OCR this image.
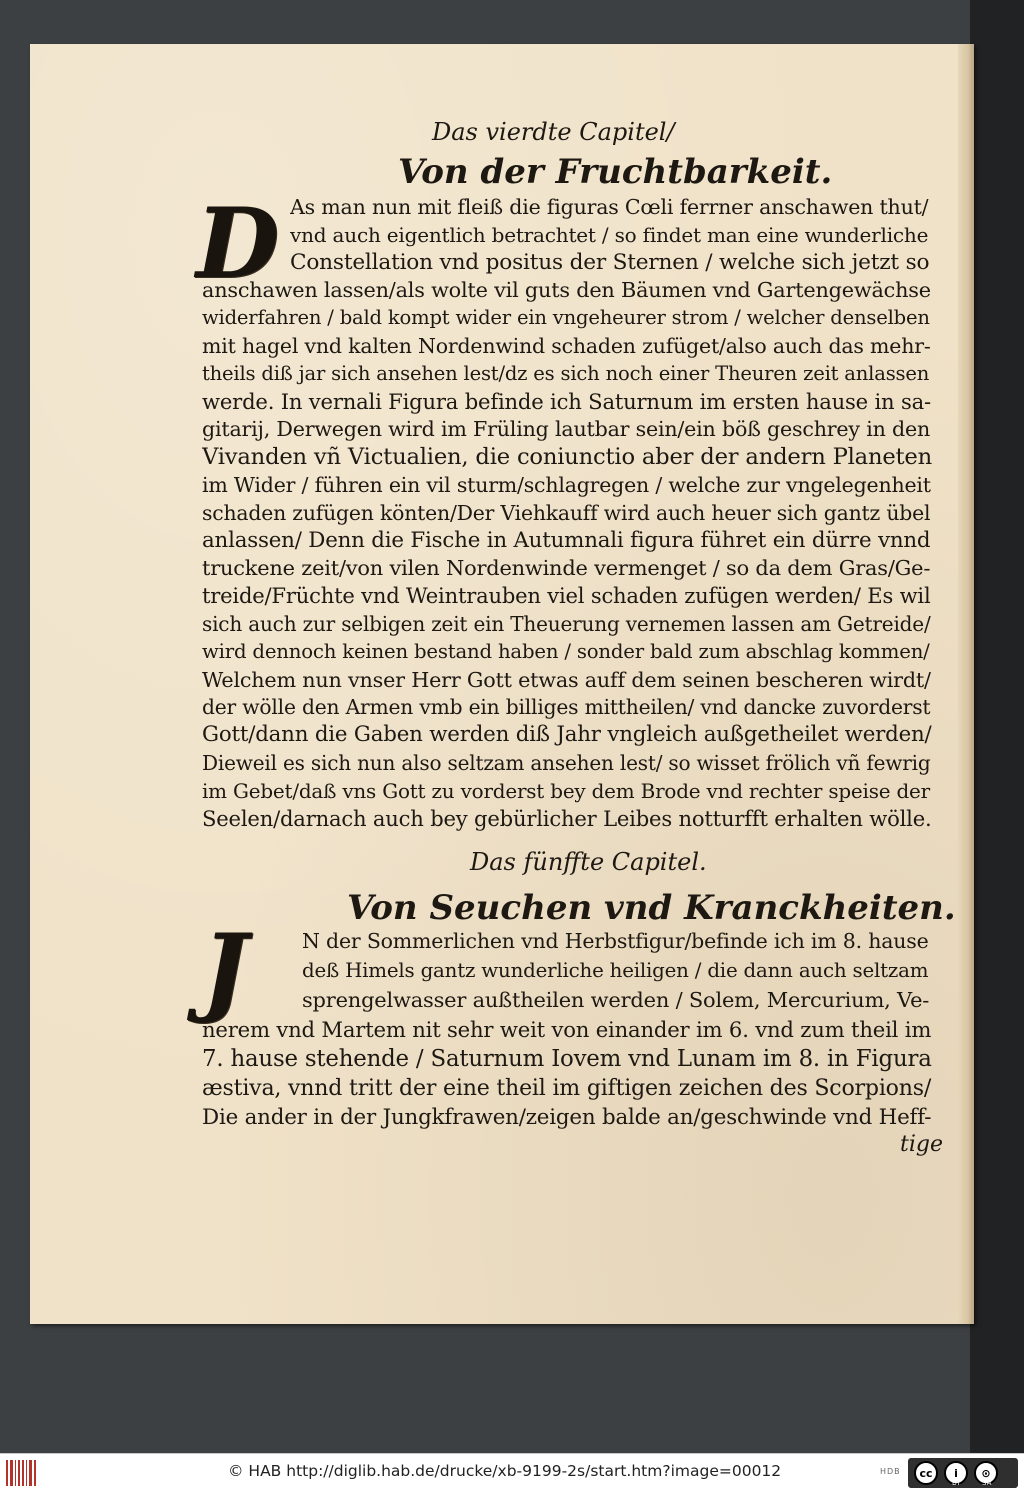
Das vierdte Capitel/
Von der Fruchtbarkeit.
D As man nun mit fleiß die figuras Cœli ferrner anschawen thut/
vnd auch eigentlich betrachtet / so findet man eine wunderliche
Constellation vnd positus der Sternen / welche sich jetzt so
anschawen lassen/als wolte vil guts den Bäumen vnd Gartengewächse
widerfahren / bald kompt wider ein vngeheurer strom / welcher denselben
mit hagel vnd kalten Nordenwind schaden zufüget/also auch das mehr-
theils diß jar sich ansehen lest/dz es sich noch einer Theuren zeit anlassen
werde. In vernali Figura befinde ich Saturnum im ersten hause in sa-
gitarij, Derwegen wird im Früling lautbar sein/ein böß geschrey in den
Vivanden vñ Victualien, die coniunctio aber der andern Planeten
im Wider / führen ein vil sturm/schlagregen / welche zur vngelegenheit
schaden zufügen könten/Der Viehkauff wird auch heuer sich gantz übel
anlassen/ Denn die Fische in Autumnali figura führet ein dürre vnnd
truckene zeit/von vilen Nordenwinde vermenget / so da dem Gras/Ge-
treide/Früchte vnd Weintrauben viel schaden zufügen werden/ Es wil
sich auch zur selbigen zeit ein Theuerung vernemen lassen am Getreide/
wird dennoch keinen bestand haben / sonder bald zum abschlag kommen/
Welchem nun vnser Herr Gott etwas auff dem seinen bescheren wirdt/
der wölle den Armen vmb ein billiges mittheilen/ vnd dancke zuvorderst
Gott/dann die Gaben werden diß Jahr vngleich außgetheilet werden/
Dieweil es sich nun also seltzam ansehen lest/ so wisset frölich vñ fewrig
im Gebet/daß vns Gott zu vorderst bey dem Brode vnd rechter speise der
Seelen/darnach auch bey gebürlicher Leibes notturfft erhalten wölle.
Das fünffte Capitel.
Von Seuchen vnd Kranckheiten.
J	N der Sommerlichen vnd Herbstfigur/befinde ich im 8. hause
deß Himels gantz wunderliche heiligen / die dann auch seltzam
sprengelwasser außtheilen werden / Solem, Mercurium, Ve-
nerem vnd Martem nit sehr weit von einander im 6. vnd zum theil im
7. hause stehende / Saturnum Iovem vnd Lunam im 8. in Figura
æstiva, vnnd tritt der eine theil im giftigen zeichen des Scorpions/
Die ander in der Jungkfrawen/zeigen balde an/geschwinde vnd Heff-
tige
© HAB http://diglib.hab.de/drucke/xb-9199-2s/start.htm?image=00012	HDB	cc	i	⊙
BY	SA
